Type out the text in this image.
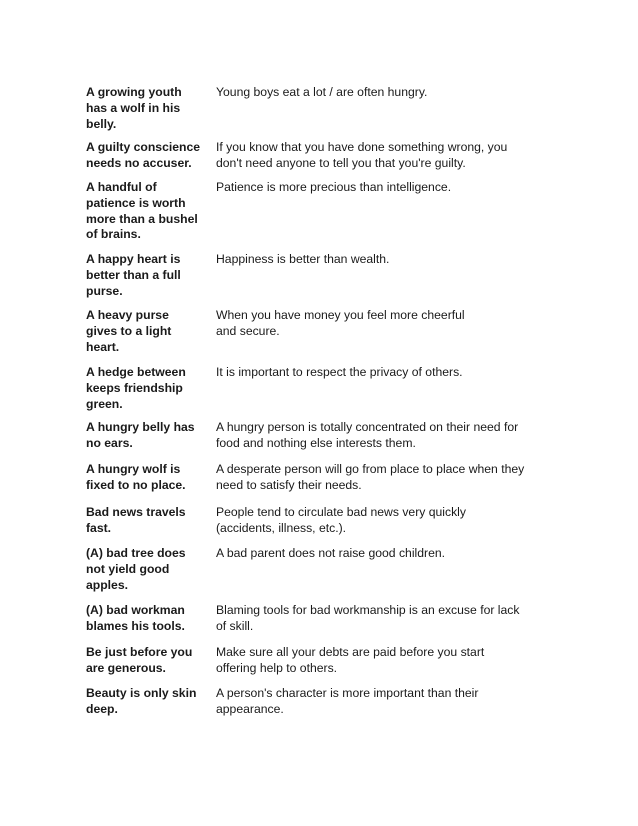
A growing youth
has a wolf in his
belly.
Young boys eat a lot / are often hungry.
A guilty conscience
needs no accuser.
If you know that you have done something wrong, you
don't need anyone to tell you that you're guilty.
A handful of
patience is worth
more than a bushel
of brains.
Patience is more precious than intelligence.
A happy heart is
better than a full
purse.
Happiness is better than wealth.
A heavy purse
gives to a light
heart.
When you have money you feel more cheerful
and secure.
A hedge between
keeps friendship
green.
It is important to respect the privacy of others.
A hungry belly has
no ears.
A hungry person is totally concentrated on their need for
food and nothing else interests them.
A hungry wolf is
fixed to no place.
A desperate person will go from place to place when they
need to satisfy their needs.
Bad news travels
fast.
People tend to circulate bad news very quickly
(accidents, illness, etc.).
(A) bad tree does
not yield good
apples.
A bad parent does not raise good children.
(A) bad workman
blames his tools.
Blaming tools for bad workmanship is an excuse for lack
of skill.
Be just before you
are generous.
Make sure all your debts are paid before you start
offering help to others.
Beauty is only skin
deep.
A person's character is more important than their
appearance.
